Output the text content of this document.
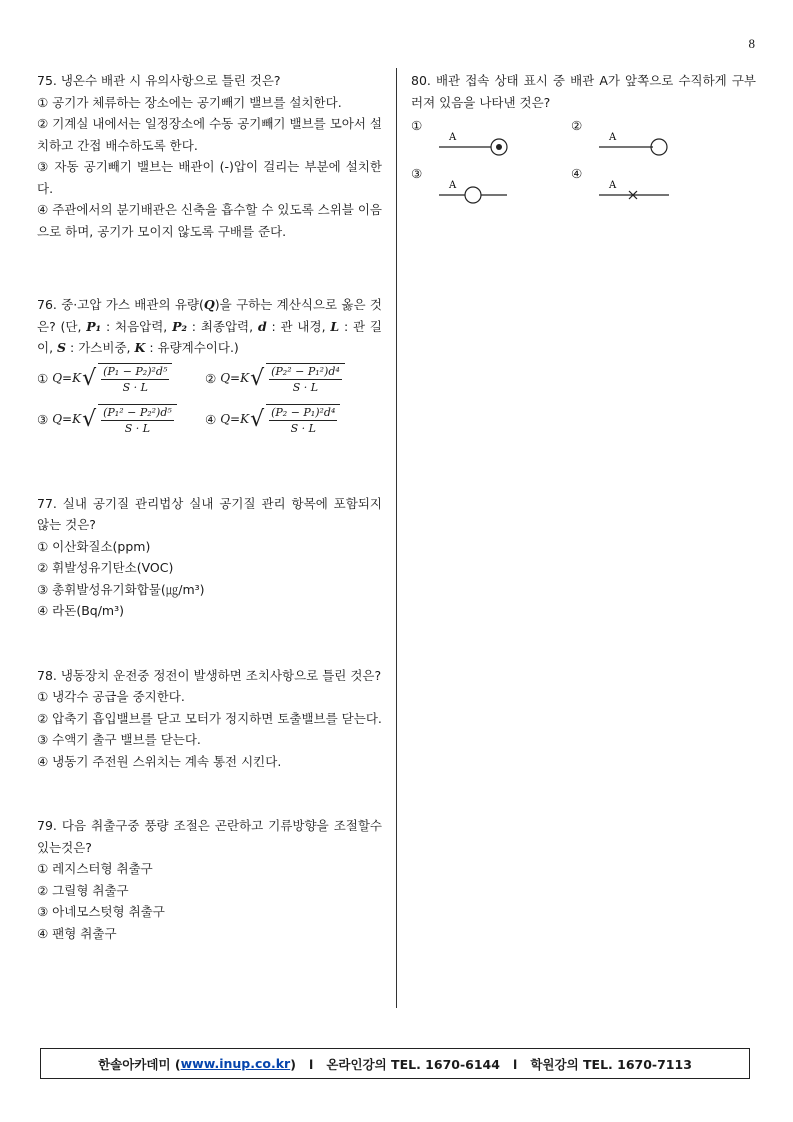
8

75. 냉온수 배관 시 유의사항으로 틀린 것은?

① 공기가 체류하는 장소에는 공기빼기 밸브를 설치한다.

② 기계실 내에서는 일정장소에 수동 공기빼기 밸브를 모아서 설치하고 간접 배수하도록 한다.

③ 자동 공기빼기 밸브는 배관이 (-)압이 걸리는 부분에 설치한다.

④ 주관에서의 분기배관은 신축을 흡수할 수 있도록 스위블 이음으로 하며, 공기가 모이지 않도록 구배를 준다.

76. 중·고압 가스 배관의 유량(Q)을 구하는 계산식으로 옳은 것은? (단, P₁ : 처음압력, P₂ : 최종압력, d : 관 내경, L : 관 길이, S : 가스비중, K : 유량계수이다.)

①
Q=K √ $\frac{\text{(P₁ − P₂)²d⁵}}{S \cdot L}$	②
Q=K √ $\frac{\text{(P₂² − P₁²)d⁴}}{S \cdot L}$
③
Q=K √ $\frac{\text{(P₁² − P₂²)d⁵}}{S \cdot L}$ ④
Q=K √ $\frac{\text{(P₂ − P₁)²d⁴}}{S \cdot L}$

77. 실내 공기질 관리법상 실내 공기질 관리 항목에 포함되지 않는 것은?

① 이산화질소(ppm)

② 휘발성유기탄소(VOC)

③ 총휘발성유기화합물(㎍/m³)

④ 라돈(Bq/m³)

78. 냉동장치 운전중 정전이 발생하면 조치사항으로 틀린 것은?

① 냉각수 공급을 중지한다.

② 압축기 흡입밸브를 닫고 모터가 정지하면 토출밸브를 닫는다.

③ 수액기 출구 밸브를 닫는다.

④ 냉동기 주전원 스위치는 계속 통전 시킨다.

79. 다음 취출구중 풍량 조절은 곤란하고 기류방향을 조절할수있는것은?

① 레지스터형 취출구

② 그릴형 취출구

③ 아네모스텃형 취출구

④ 팬형 취출구

80. 배관 접속 상태 표시 중 배관 A가 앞쪽으로 수직하게 구부러져 있음을 나타낸 것은?

①
A
②
A
③
A
④
A
한솔아카데미 ( www.inup.co.kr )   l   온라인강의 TEL. 1670-6144   l   학원강의 TEL. 1670-7113
